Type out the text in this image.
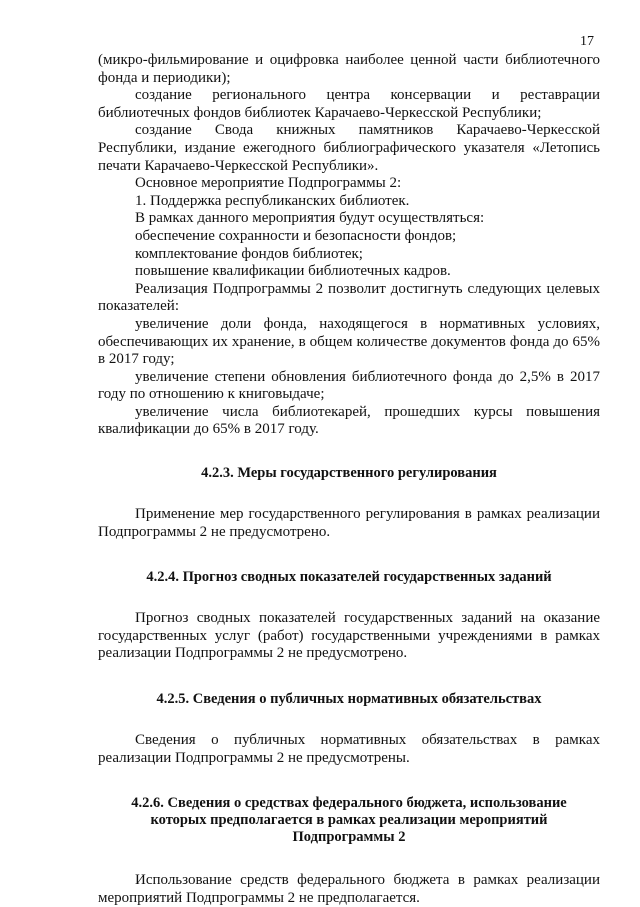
17

(микро-фильмирование и оцифровка наиболее ценной части библиотечного фонда и периодики);

создание регионального центра консервации и реставрации библиотечных фондов библиотек Карачаево-Черкесской Республики;

создание Свода книжных памятников Карачаево-Черкесской Республики, издание ежегодного библиографического указателя «Летопись печати Карачаево-Черкесской Республики».

Основное мероприятие Подпрограммы 2:

1. Поддержка республиканских библиотек.

В рамках данного мероприятия будут осуществляться:

обеспечение сохранности и безопасности фондов;

комплектование фондов библиотек;

повышение квалификации библиотечных кадров.

Реализация Подпрограммы 2 позволит достигнуть следующих целевых показателей:

увеличение доли фонда, находящегося в нормативных условиях, обеспечивающих их хранение, в общем количестве документов фонда до 65% в 2017 году;

увеличение степени обновления библиотечного фонда до 2,5% в 2017 году по отношению к книговыдаче;

увеличение числа библиотекарей, прошедших курсы повышения квалификации до 65% в 2017 году.

4.2.3. Меры государственного регулирования

Применение мер государственного регулирования в рамках реализации Подпрограммы 2 не предусмотрено.

4.2.4. Прогноз сводных показателей государственных заданий

Прогноз сводных показателей государственных заданий на оказание государственных услуг (работ) государственными учреждениями в рамках реализации Подпрограммы 2 не предусмотрено.

4.2.5. Сведения о публичных нормативных обязательствах

Сведения о публичных нормативных обязательствах в рамках реализации Подпрограммы 2 не предусмотрены.

4.2.6. Сведения о средствах федерального бюджета, использование
которых предполагается в рамках реализации мероприятий
Подпрограммы 2

Использование средств федерального бюджета в рамках реализации мероприятий Подпрограммы 2 не предполагается.
